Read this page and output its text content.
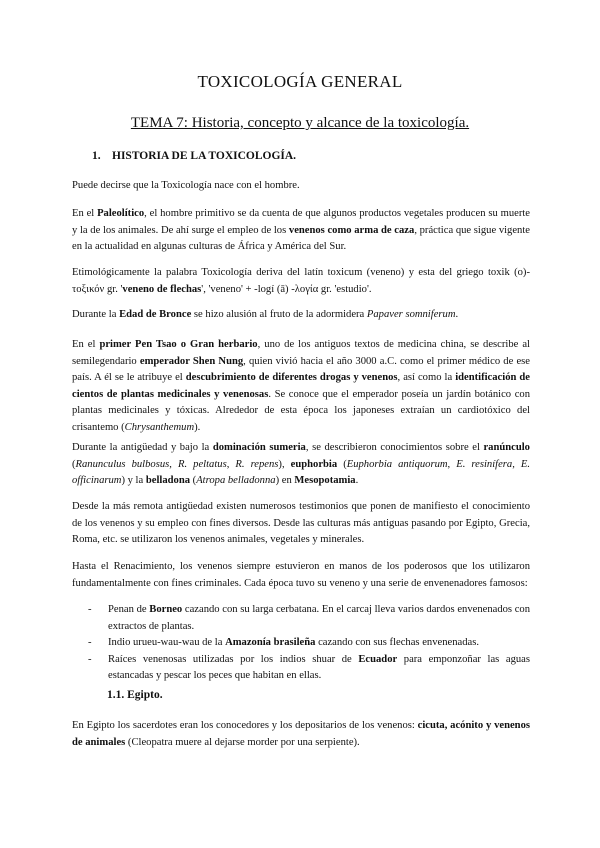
TOXICOLOGÍA GENERAL
TEMA 7: Historia, concepto y alcance de la toxicología.
1. HISTORIA DE LA TOXICOLOGÍA.

Puede decirse que la Toxicología nace con el hombre.

En el Paleolítico, el hombre primitivo se da cuenta de que algunos productos vegetales producen su muerte y la de los animales. De ahí surge el empleo de los venenos como arma de caza, práctica que sigue vigente en la actualidad en algunas culturas de África y América del Sur.

Etimológicamente la palabra Toxicología deriva del latín toxicum (veneno) y esta del griego toxik (o)- τοξικόν gr. 'veneno de flechas', 'veneno' + -logí (ā) -λογία gr. 'estudio'.

Durante la Edad de Bronce se hizo alusión al fruto de la adormidera Papaver somniferum.

En el primer Pen Tsao o Gran herbario, uno de los antiguos textos de medicina china, se describe al semilegendario emperador Shen Nung, quien vivió hacia el año 3000 a.C. como el primer médico de ese país. A él se le atribuye el descubrimiento de diferentes drogas y venenos, así como la identificación de cientos de plantas medicinales y venenosas. Se conoce que el emperador poseía un jardín botánico con plantas medicinales y tóxicas. Alrededor de esta época los japoneses extraían un cardiotóxico del crisantemo (Chrysanthemum).

Durante la antigüedad y bajo la dominación sumeria, se describieron conocimientos sobre el ranúnculo (Ranunculus bulbosus, R. peltatus, R. repens), euphorbia (Euphorbia antiquorum, E. resinífera, E. officinarum) y la belladona (Atropa belladonna) en Mesopotamia.

Desde la más remota antigüedad existen numerosos testimonios que ponen de manifiesto el conocimiento de los venenos y su empleo con fines diversos. Desde las culturas más antiguas pasando por Egipto, Grecia, Roma, etc. se utilizaron los venenos animales, vegetales y minerales.

Hasta el Renacimiento, los venenos siempre estuvieron en manos de los poderosos que los utilizaron fundamentalmente con fines criminales. Cada época tuvo su veneno y una serie de envenenadores famosos:

- Penan de Borneo cazando con su larga cerbatana. En el carcaj lleva varios dardos envenenados con extractos de plantas.
- Indio urueu-wau-wau de la Amazonía brasileña cazando con sus flechas envenenadas.
- Raíces venenosas utilizadas por los indios shuar de Ecuador para emponzoñar las aguas estancadas y pescar los peces que habitan en ellas.
1.1. Egipto.

En Egipto los sacerdotes eran los conocedores y los depositarios de los venenos: cicuta, acónito y venenos de animales (Cleopatra muere al dejarse morder por una serpiente).
